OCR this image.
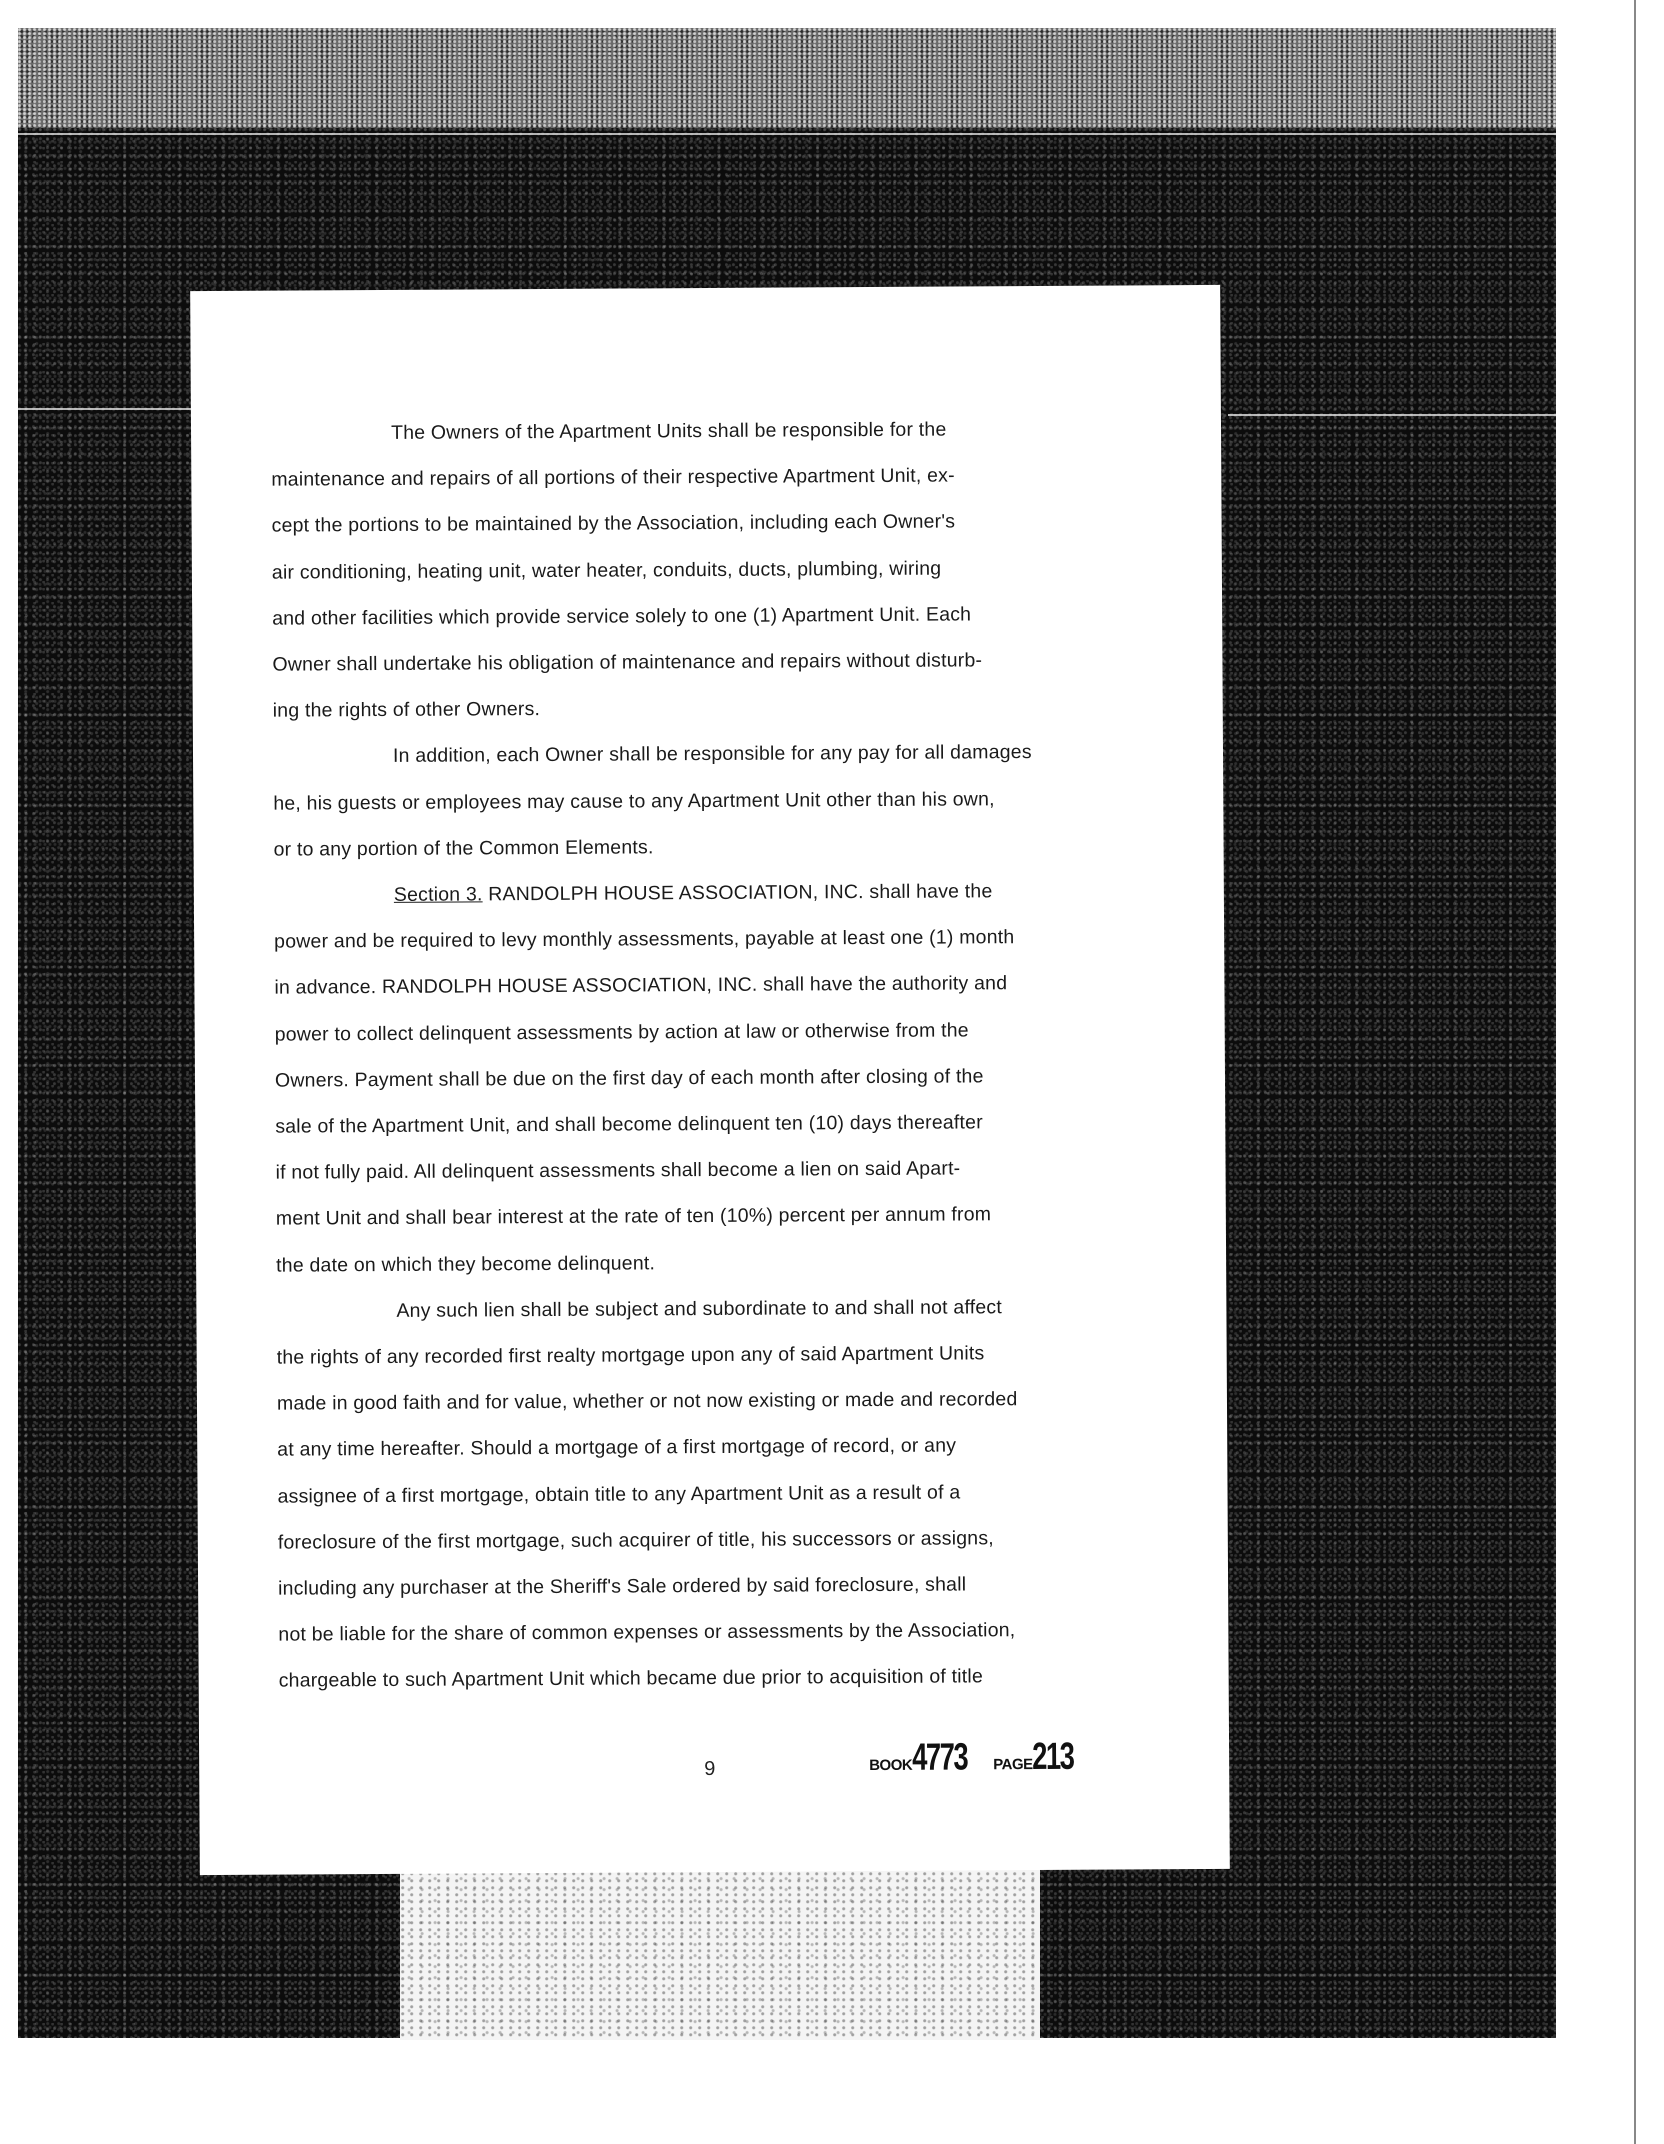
The Owners of the Apartment Units shall be responsible for the
maintenance and repairs of all portions of their respective Apartment Unit, ex-
cept the portions to be maintained by the Association, including each Owner's
air conditioning, heating unit, water heater, conduits, ducts, plumbing, wiring
and other facilities which provide service solely to one (1) Apartment Unit. Each
Owner shall undertake his obligation of maintenance and repairs without disturb-
ing the rights of other Owners.
In addition, each Owner shall be responsible for any pay for all damages
he, his guests or employees may cause to any Apartment Unit other than his own,
or to any portion of the Common Elements.
Section 3. RANDOLPH HOUSE ASSOCIATION, INC. shall have the
power and be required to levy monthly assessments, payable at least one (1) month
in advance. RANDOLPH HOUSE ASSOCIATION, INC. shall have the authority and
power to collect delinquent assessments by action at law or otherwise from the
Owners. Payment shall be due on the first day of each month after closing of the
sale of the Apartment Unit, and shall become delinquent ten (10) days thereafter
if not fully paid. All delinquent assessments shall become a lien on said Apart-
ment Unit and shall bear interest at the rate of ten (10%) percent per annum from
the date on which they become delinquent.
Any such lien shall be subject and subordinate to and shall not affect
the rights of any recorded first realty mortgage upon any of said Apartment Units
made in good faith and for value, whether or not now existing or made and recorded
at any time hereafter. Should a mortgage of a first mortgage of record, or any
assignee of a first mortgage, obtain title to any Apartment Unit as a result of a
foreclosure of the first mortgage, such acquirer of title, his successors or assigns,
including any purchaser at the Sheriff's Sale ordered by said foreclosure, shall
not be liable for the share of common expenses or assessments by the Association,
chargeable to such Apartment Unit which became due prior to acquisition of title
9	BOOK4773 PAGE213
